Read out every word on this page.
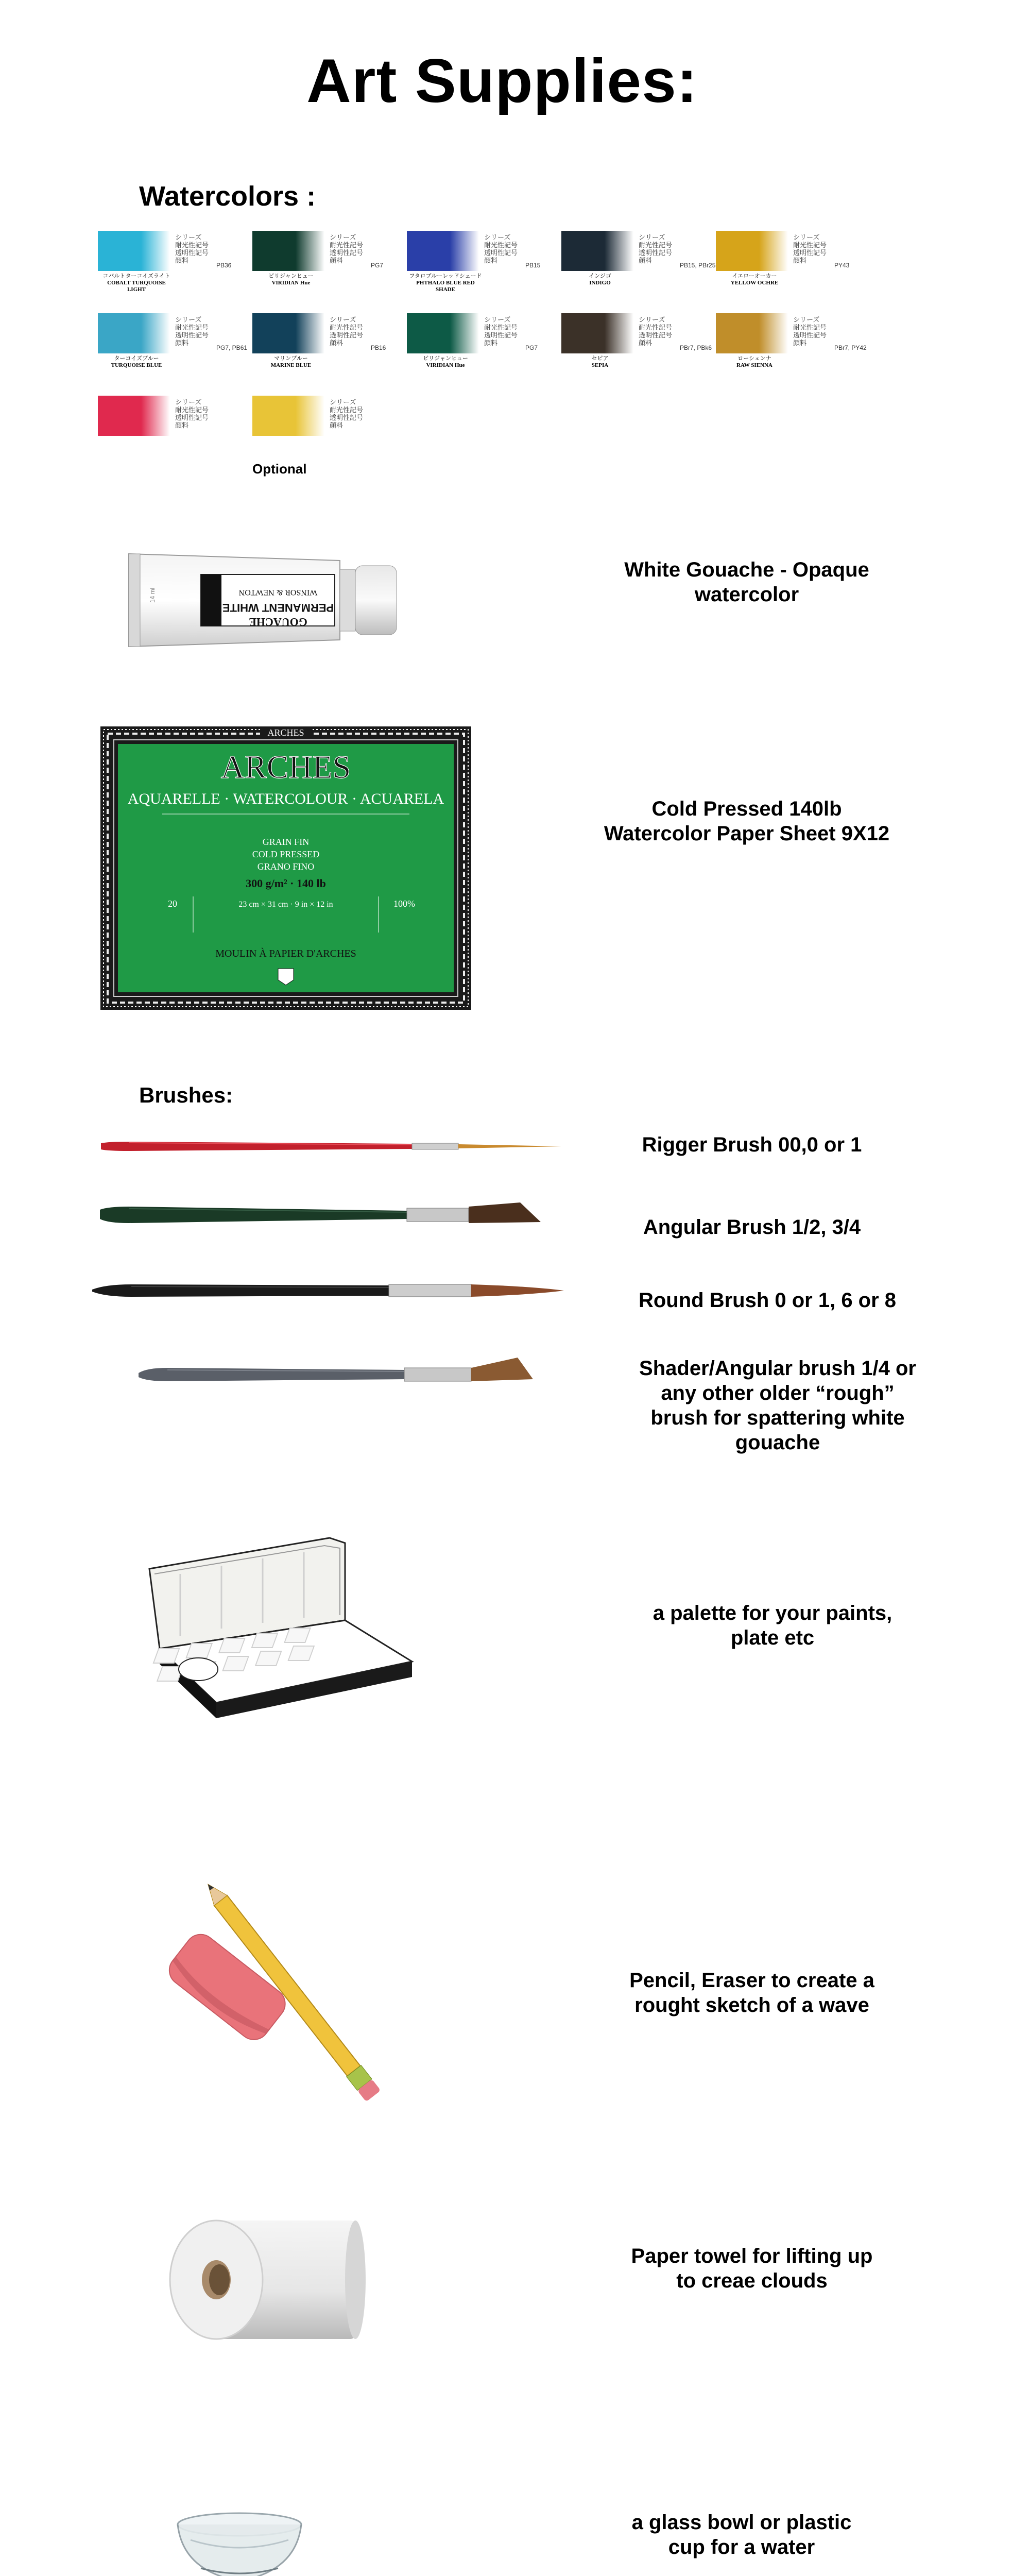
Art Supplies:
Watercolors :
シリーズ
耐光性記号
透明性記号
顔料
PB36
コバルトターコイズライト
COBALT TURQUOISE LIGHT
シリーズ
耐光性記号
透明性記号
顔料
PG7
ビリジャンヒュー
VIRIDIAN Hue
シリーズ
耐光性記号
透明性記号
顔料
PB15
フタロブルーレッドシェード
PHTHALO BLUE RED SHADE
シリーズ
耐光性記号
透明性記号
顔料
PB15, PBr25
インジゴ
INDIGO
シリーズ
耐光性記号
透明性記号
顔料
PY43
イエローオーカー
YELLOW OCHRE
シリーズ
耐光性記号
透明性記号
顔料
PG7, PB61
ターコイズブルー
TURQUOISE BLUE
シリーズ
耐光性記号
透明性記号
顔料
PB16
マリンブルー
MARINE BLUE
シリーズ
耐光性記号
透明性記号
顔料
PG7
ビリジャンヒュー
VIRIDIAN Hue
シリーズ
耐光性記号
透明性記号
顔料
PBr7, PBk6
セピア
SEPIA
シリーズ
耐光性記号
透明性記号
顔料
PBr7, PY42
ローシェンナ
RAW SIENNA
シリーズ
耐光性記号
透明性記号
顔料
シリーズ
耐光性記号
透明性記号
顔料
Optional
WINSOR & NEWTON
PERMANENT WHITE
GOUACHE
14 ml
White Gouache - Opaque
watercolor
ARCHES
ARCHES
AQUARELLE · WATERCOLOUR · ACUARELA
GRAIN FIN
COLD PRESSED
GRANO FINO
300 g/m² · 140 lb
23 cm × 31 cm · 9 in × 12 in
20	100%
MOULIN À PAPIER D'ARCHES
Cold Pressed 140lb
Watercolor Paper Sheet 9X12
Brushes:
Rigger Brush 00,0 or 1
Angular Brush 1/2, 3/4
Round Brush 0 or 1, 6 or 8
Shader/Angular brush 1/4 or
any other older “rough”
brush for spattering white
gouache
a palette for your paints,
plate etc
Pencil, Eraser to create a
rought sketch of a wave
Paper towel for lifting up
to creae clouds
a glass bowl or plastic
cup for a water
